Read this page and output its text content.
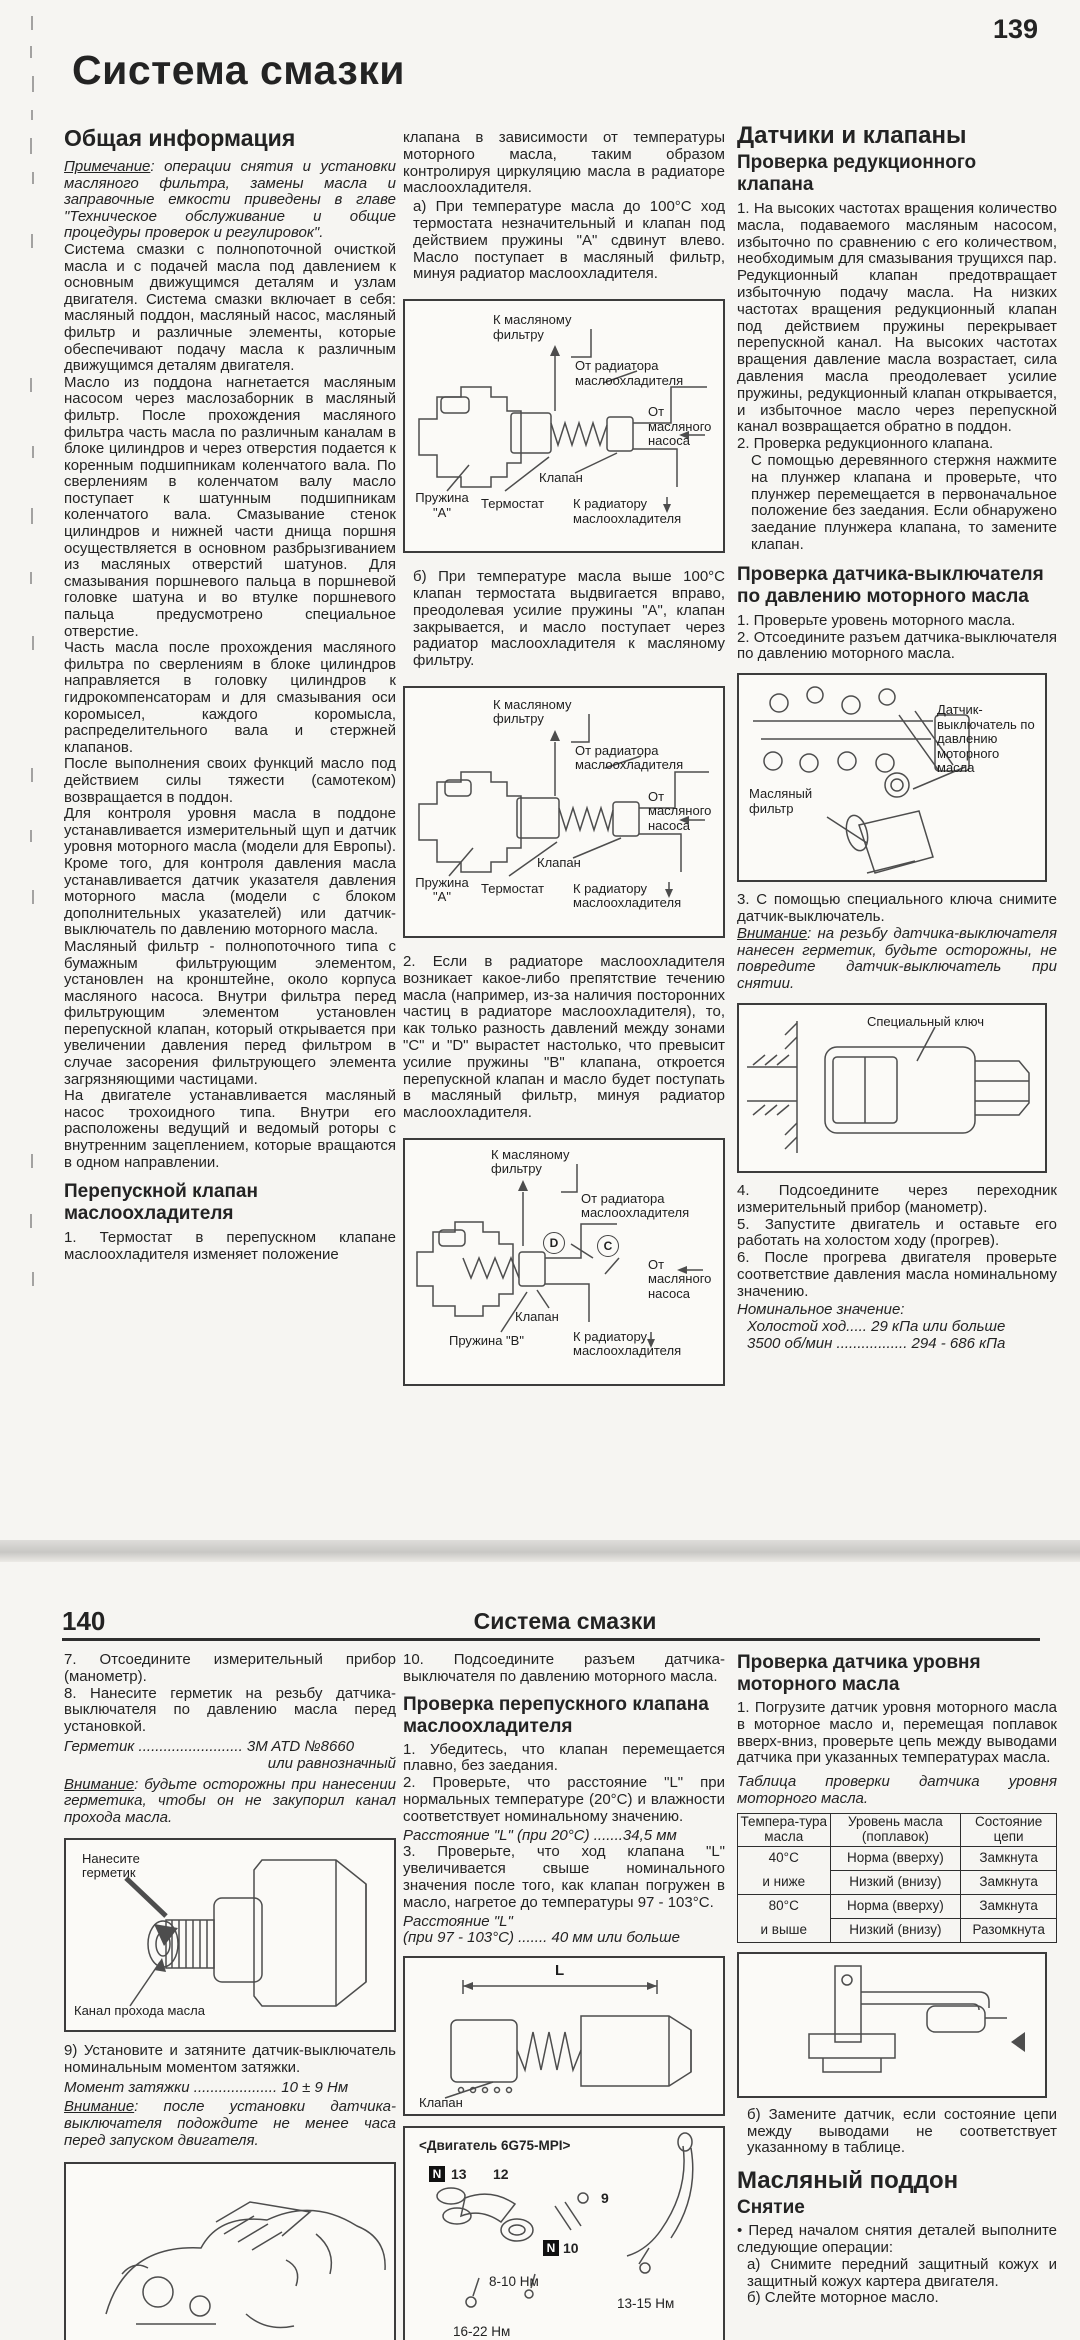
139
Система смазки
Общая информация
Примечание: операции снятия и установки масляного фильтра, замены масла и заправочные емкости приведены в главе "Техническое обслуживание и общие процедуры проверок и регулировок".
Система смазки с полнопоточной очисткой масла и с подачей масла под давлением к основным движущимся деталям и узлам двигателя. Система смазки включает в себя: масляный поддон, масляный насос, масляный фильтр и различные элементы, которые обеспечивают подачу масла к различным движущимся деталям двигателя.
Масло из поддона нагнетается масляным насосом через маслозаборник в масляный фильтр. После прохождения масляного фильтра часть масла по различным каналам в блоке цилиндров и через отверстия подается к коренным подшипникам коленчатого вала. По сверлениям в коленчатом валу масло поступает к шатунным подшипникам коленчатого вала. Смазывание стенок цилиндров и нижней части днища поршня осуществляется в основном разбрызгиванием из масляных отверстий шатунов. Для смазывания поршневого пальца в поршневой головке шатуна и во втулке поршневого пальца предусмотрено специальное отверстие.
Часть масла после прохождения масляного фильтра по сверлениям в блоке цилиндров направляется в головку цилиндров к гидрокомпенсаторам и для смазывания оси коромысел, каждого коромысла, распределительного вала и стержней клапанов.
После выполнения своих функций масло под действием силы тяжести (самотеком) возвращается в поддон.
Для контроля уровня масла в поддоне устанавливается измерительный щуп и датчик уровня моторного масла (модели для Европы). Кроме того, для контроля давления масла устанавливается датчик указателя давления моторного масла (модели с блоком дополнительных указателей) или датчик-выключатель по давлению моторного масла.
Масляный фильтр - полнопоточного типа с бумажным фильтрующим элементом, установлен на кронштейне, около корпуса масляного насоса. Внутри фильтра перед фильтрующим элементом установлен перепускной клапан, который открывается при увеличении давления перед фильтром в случае засорения фильтрующего элемента загрязняющими частицами.
На двигателе устанавливается масляный насос трохоидного типа. Внутри его расположены ведущий и ведомый роторы с внутренним зацеплением, которые вращаются в одном направлении.
Перепускной клапан маслоохладителя
1. Термостат в перепускном клапане маслоохладителя изменяет положение
клапана в зависимости от температуры моторного масла, таким образом контролируя циркуляцию масла в радиаторе маслоохладителя.
а) При температуре масла до 100°С ход термостата незначительный и клапан под действием пружины "А" сдвинут влево. Масло поступает в масляный фильтр, минуя радиатор маслоохладителя.
К масляному фильтру
От радиатора маслоохладителя
От масляного насоса
Клапан
Пружина "А"
Термостат К радиатору маслоохладителя
б) При температуре масла выше 100°С клапан термостата выдвигается вправо, преодолевая усилие пружины "А", клапан закрывается, и масло поступает через радиатор маслоохладителя к масляному фильтру.
К масляному фильтру
От радиатора маслоохладителя
От масляного насоса
Клапан
Пружина "А"
Термостат К радиатору маслоохладителя
2. Если в радиаторе маслоохладителя возникает какое-либо препятствие течению масла (например, из-за наличия посторонних частиц в радиаторе маслоохладителя), то, как только разность давлений между зонами "C" и "D" вырастет настолько, что превысит усилие пружины "B" клапана, откроется перепускной клапан и масло будет поступать в масляный фильтр, минуя радиатор маслоохладителя.
D	C
К масляному фильтру
От радиатора маслоохладителя
От масляного насоса
Клапан
Пружина "В"	К радиатору маслоохладителя
Датчики и клапаны
Проверка редукционного клапана
1. На высоких частотах вращения количество масла, подаваемого масляным насосом, избыточно по сравнению с его количеством, необходимым для смазывания трущихся пар. Редукционный клапан предотвращает избыточную подачу масла. На низких частотах вращения редукционный клапан под действием пружины перекрывает перепускной канал. На высоких частотах вращения давление масла возрастает, сила давления масла преодолевает усилие пружины, редукционный клапан открывается, и избыточное масло через перепускной канал возвращается обратно в поддон.
2. Проверка редукционного клапана.
С помощью деревянного стержня нажмите на плунжер клапана и проверьте, что плунжер перемещается в первоначальное положение без заедания. Если обнаружено заедание плунжера клапана, то замените клапан.
Проверка датчика-выключателя по давлению моторного масла
1. Проверьте уровень моторного масла.
2. Отсоедините разъем датчика-выключателя по давлению моторного масла.
Датчик-выключатель по давлению моторного масла
Масляный фильтр
3. С помощью специального ключа снимите датчик-выключатель.
Внимание: на резьбу датчика-выключателя нанесен герметик, будьте осторожны, не повредите датчик-выключатель при снятии.
Специальный ключ
4. Подсоедините через переходник измерительный прибор (манометр).
5. Запустите двигатель и оставьте его работать на холостом ходу (прогрев).
6. После прогрева двигателя проверьте соответствие давления масла номинальному значению.
Номинальное значение:
Холостой ход..... 29 кПа или больше
3500 об/мин ................. 294 - 686 кПа
140	Система смазки
7. Отсоедините измерительный прибор (манометр).
8. Нанесите герметик на резьбу датчика-выключателя по давлению масла перед установкой.
Герметик ......................... 3M ATD №8660
или равнозначный
Внимание: будьте осторожны при нанесении герметика, чтобы он не закупорил канал прохода масла.
Нанесите герметик
Канал прохода масла
9) Установите и затяните датчик-выключатель номинальным моментом затяжки.
Момент затяжки .................... 10 ± 9 Нм
Внимание: после установки датчика-выключателя подождите не менее часа перед запуском двигателя.
10. Подсоедините разъем датчика-выключателя по давлению моторного масла.
Проверка перепускного клапана маслоохладителя
1. Убедитесь, что клапан перемещается плавно, без заедания.
2. Проверьте, что расстояние "L" при нормальных температуре (20°С) и влажности соответствует номинальному значению.
Расстояние "L" (при 20°С) .......34,5 мм
3. Проверьте, что ход клапана "L" увеличивается свыше номинального значения после того, как клапан погружен в масло, нагретое до температуры 97 - 103°С.
Расстояние "L"
(при 97 - 103°С) ....... 40 мм или больше
L
Клапан
<Двигатель 6G75-MPI>
N 13 12
9
N 10
8-10 Нм
13-15 Нм
16-22 Нм
Проверка датчика уровня моторного масла
1. Погрузите датчик уровня моторного масла в моторное масло и, перемещая поплавок вверх-вниз, проверьте цепь между выводами датчика при указанных температурах масла.
Таблица проверки датчика уровня моторного масла.
Темпера-тура масла	Уровень масла (поплавок)	Состояние цепи

40°C
и ниже	Норма (вверху)	Замкнута
	Низкий (внизу)	Замкнута

80°C
и выше	Норма (вверху)	Замкнута
	Низкий (внизу)	Разомкнута
б) Замените датчик, если состояние цепи между выводами не соответствует указанному в таблице.
Масляный поддон
Снятие
• Перед началом снятия деталей выполните следующие операции:
а) Снимите передний защитный кожух и защитный кожух картера двигателя.
б) Слейте моторное масло.
